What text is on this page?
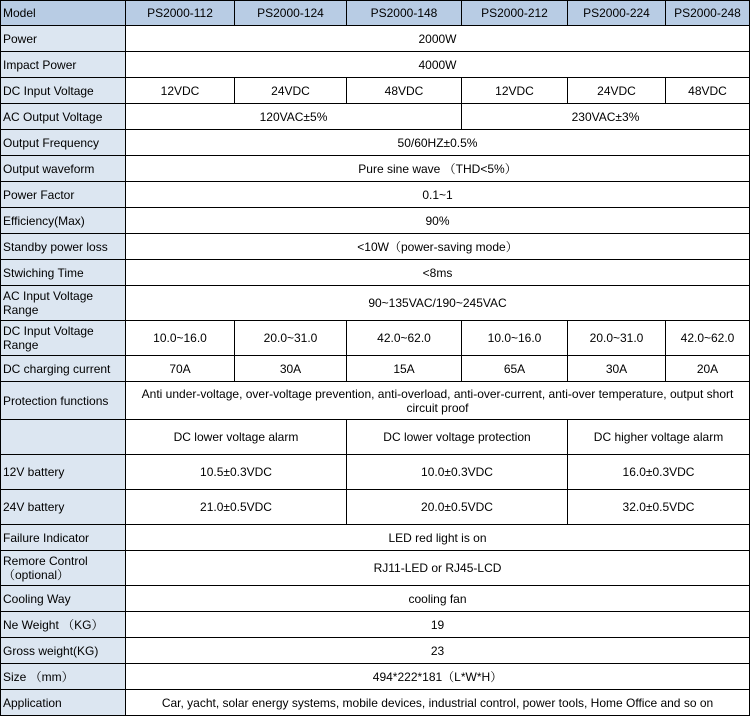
Model	PS2000-112	PS2000-124	PS2000-148	PS2000-212	PS2000-224	PS2000-248
Power	2000W					
Impact Power	4000W					
DC Input Voltage	12VDC	24VDC	48VDC	12VDC	24VDC	48VDC
AC Output Voltage	120VAC±5%			230VAC±3%		
Output Frequency	50/60HZ±0.5%					
Output waveform	Pure sine wave （THD<5%）					
Power Factor	0.1~1					
Efficiency(Max)	90%					
Standby power loss	<10W（power-saving mode）					
Stwiching Time	<8ms					
AC Input Voltage Range	90~135VAC/190~245VAC					
DC Input Voltage Range	10.0~16.0	20.0~31.0	42.0~62.0	10.0~16.0	20.0~31.0	42.0~62.0
DC charging current	70A	30A	15A	65A	30A	20A
Protection functions	Anti under-voltage, over-voltage prevention, anti-overload, anti-over-current, anti-over temperature, output short circuit proof					
	DC lower voltage alarm		DC lower voltage protection		DC higher voltage alarm	
12V battery	10.5±0.3VDC		10.0±0.3VDC		16.0±0.3VDC	
24V battery	21.0±0.5VDC		20.0±0.5VDC		32.0±0.5VDC	
Failure Indicator	LED red light is on					
Remore Control （optional）	RJ11-LED or RJ45-LCD					
Cooling Way	cooling fan					
Ne Weight （KG）	19					
Gross weight(KG)	23					
Size （mm）	494*222*181（L*W*H）					
Application	Car, yacht, solar energy systems, mobile devices, industrial control, power tools, Home Office and so on					
